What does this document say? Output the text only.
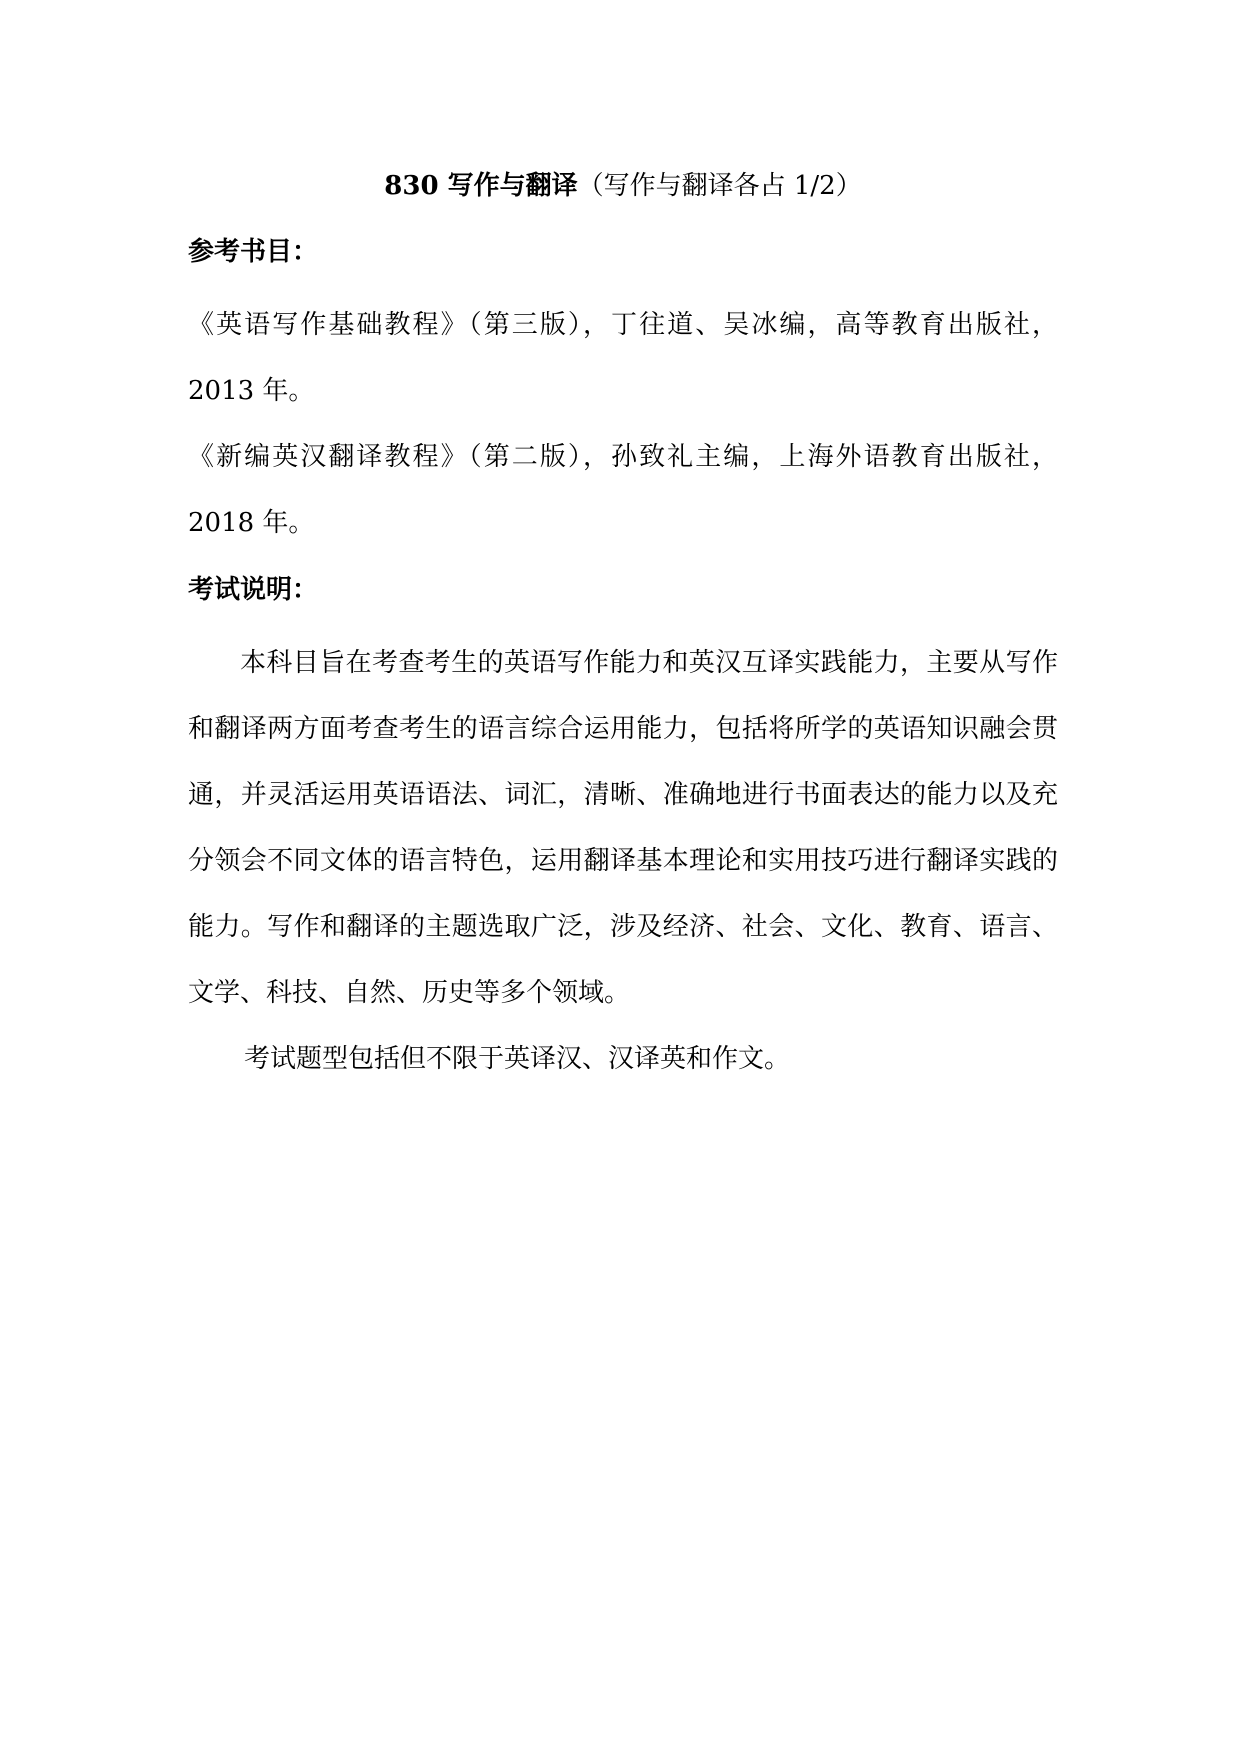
830 写作与翻译（写作与翻译各占 1/2）
参考书目：

《英语写作基础教程》（第三版），丁往道、吴冰编，高等教育出版社，2013 年。

《新编英汉翻译教程》（第二版），孙致礼主编，上海外语教育出版社，2018 年。

考试说明：

本科目旨在考查考生的英语写作能力和英汉互译实践能力，主要从写作和翻译两方面考查考生的语言综合运用能力，包括将所学的英语知识融会贯通，并灵活运用英语语法、词汇，清晰、准确地进行书面表达的能力以及充分领会不同文体的语言特色，运用翻译基本理论和实用技巧进行翻译实践的能力。写作和翻译的主题选取广泛，涉及经济、社会、文化、教育、语言、文学、科技、自然、历史等多个领域。

考试题型包括但不限于英译汉、汉译英和作文。
